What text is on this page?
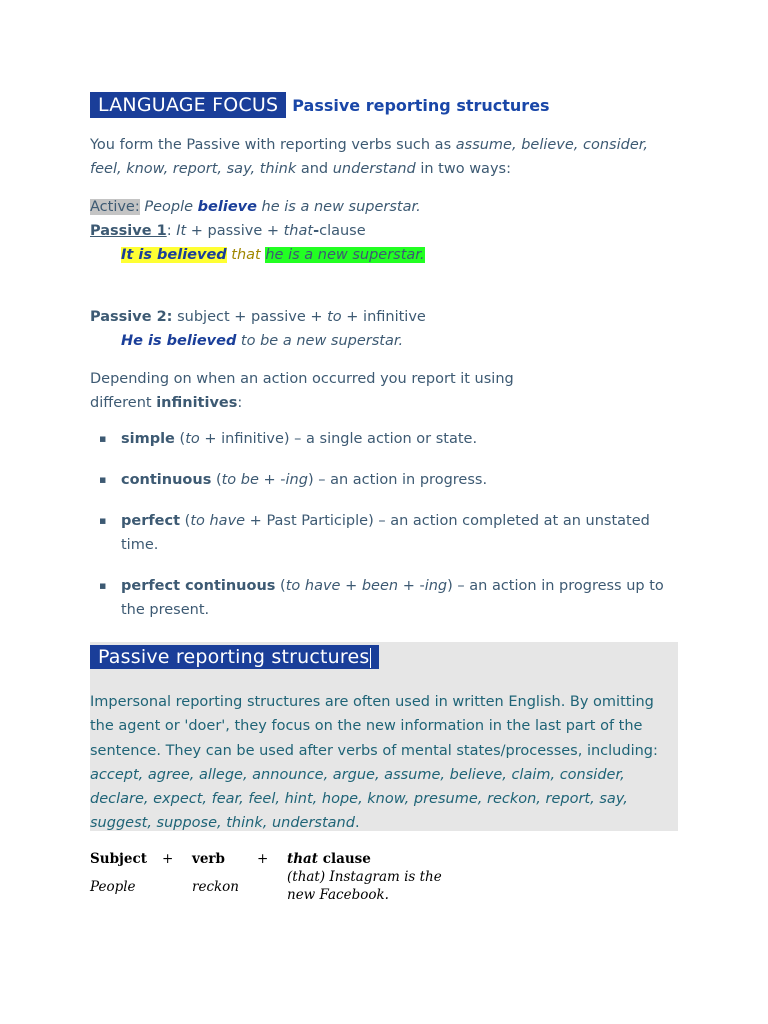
LANGUAGE FOCUS Passive reporting structures

You form the Passive with reporting verbs such as assume, believe, consider, feel, know, report, say, think and understand in two ways:

Active: People believe he is a new superstar.

Passive 1: It + passive + that-clause

It is believed that he is a new superstar.

Passive 2: subject + passive + to + infinitive

He is believed to be a new superstar.

Depending on when an action occurred you report it using different infinitives:

▪ simple (to + infinitive) – a single action or state.
▪ continuous (to be + -ing) – an action in progress.
▪ perfect (to have + Past Participle) – an action completed at an unstated time.
▪ perfect continuous (to have + been + -ing) – an action in progress up to the present.
Passive reporting structures

Impersonal reporting structures are often used in written English. By omitting the agent or 'doer', they focus on the new information in the last part of the sentence. They can be used after verbs of mental states/processes, including: accept, agree, allege, announce, argue, assume, believe, claim, consider, declare, expect, fear, feel, hint, hope, know, presume, reckon, report, say, suggest, suppose, think, understand.

Subject + verb + that clause
People	reckon
(that) Instagram is the new Facebook.
